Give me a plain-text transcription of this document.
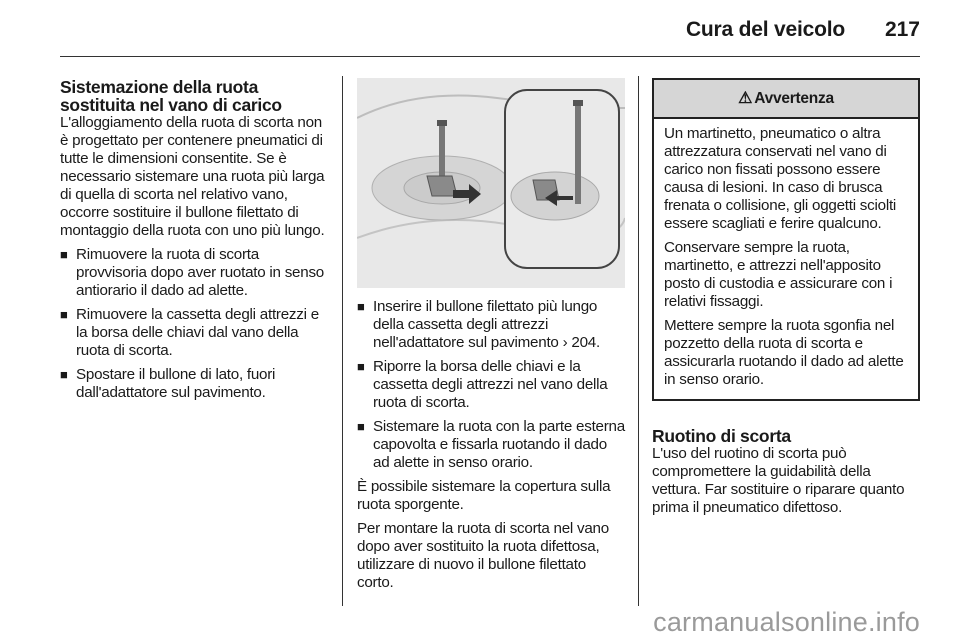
Cura del veicolo 217
Sistemazione della ruota sostituita nel vano di carico

L'alloggiamento della ruota di scorta non è progettato per contenere pneumatici di tutte le dimensioni consentite. Se è necessario sistemare una ruota più larga di quella di scorta nel relativo vano, occorre sostituire il bullone filettato di montaggio della ruota con uno più lungo.

■ Rimuovere la ruota di scorta provvisoria dopo aver ruotato in senso antiorario il dado ad alette.
■ Rimuovere la cassetta degli attrezzi e la borsa delle chiavi dal vano della ruota di scorta.
■ Spostare il bullone di lato, fuori dall'adattatore sul pavimento.
■ Inserire il bullone filettato più lungo della cassetta degli attrezzi nell'adattatore sul pavimento › 204.
■ Riporre la borsa delle chiavi e la cassetta degli attrezzi nel vano della ruota di scorta.
■ Sistemare la ruota con la parte esterna capovolta e fissarla ruotando il dado ad alette in senso orario.

È possibile sistemare la copertura sulla ruota sporgente.

Per montare la ruota di scorta nel vano dopo aver sostituito la ruota difettosa, utilizzare di nuovo il bullone filettato corto.

⚠ Avvertenza

Un martinetto, pneumatico o altra attrezzatura conservati nel vano di carico non fissati possono essere causa di lesioni. In caso di brusca frenata o collisione, gli oggetti sciolti essere scagliati e ferire qualcuno.

Conservare sempre la ruota, martinetto, e attrezzi nell'apposito posto di custodia e assicurare con i relativi fissaggi.

Mettere sempre la ruota sgonfia nel pozzetto della ruota di scorta e assicurarla ruotando il dado ad alette in senso orario.

Ruotino di scorta

L'uso del ruotino di scorta può compromettere la guidabilità della vettura. Far sostituire o riparare quanto prima il pneumatico difettoso.

carmanualsonline.info
